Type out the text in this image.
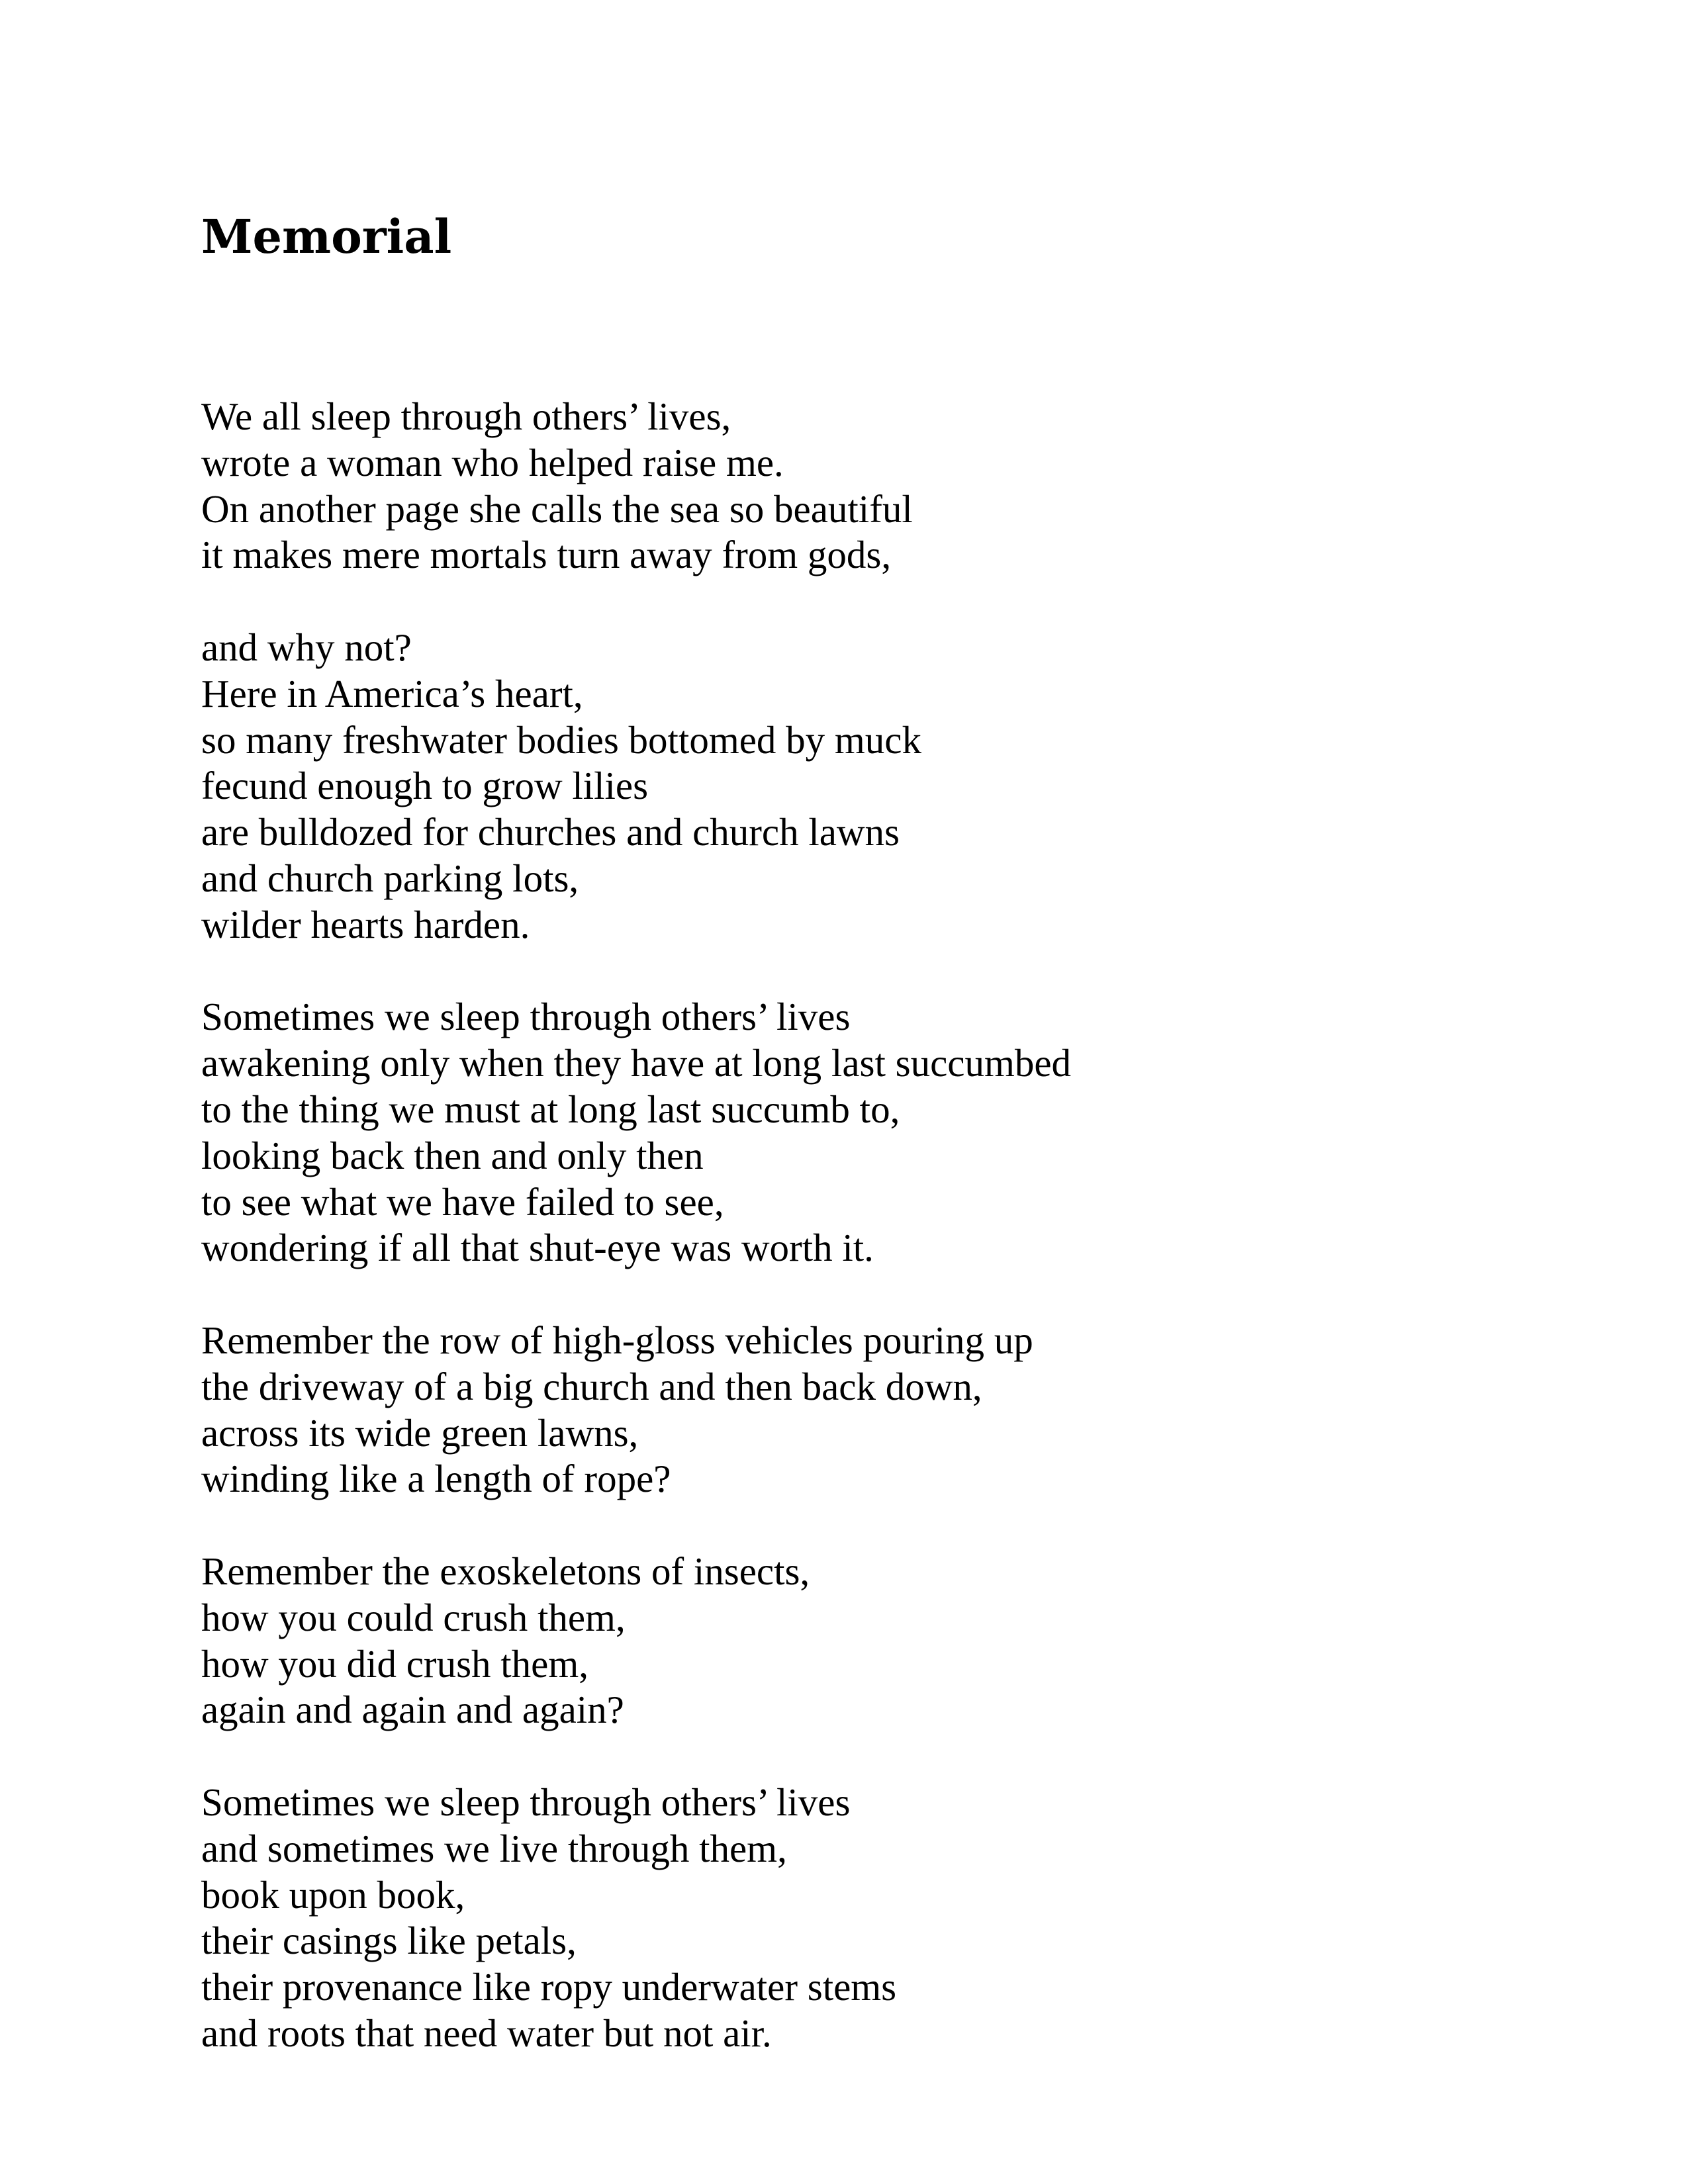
Memorial
We all sleep through others’ lives,
wrote a woman who helped raise me.
On another page she calls the sea so beautiful
it makes mere mortals turn away from gods,
and why not?
Here in America’s heart,
so many freshwater bodies bottomed by muck
fecund enough to grow lilies
are bulldozed for churches and church lawns
and church parking lots,
wilder hearts harden.
Sometimes we sleep through others’ lives
awakening only when they have at long last succumbed
to the thing we must at long last succumb to,
looking back then and only then
to see what we have failed to see,
wondering if all that shut-eye was worth it.
Remember the row of high-gloss vehicles pouring up
the driveway of a big church and then back down,
across its wide green lawns,
winding like a length of rope?
Remember the exoskeletons of insects,
how you could crush them,
how you did crush them,
again and again and again?
Sometimes we sleep through others’ lives
and sometimes we live through them,
book upon book,
their casings like petals,
their provenance like ropy underwater stems
and roots that need water but not air.
